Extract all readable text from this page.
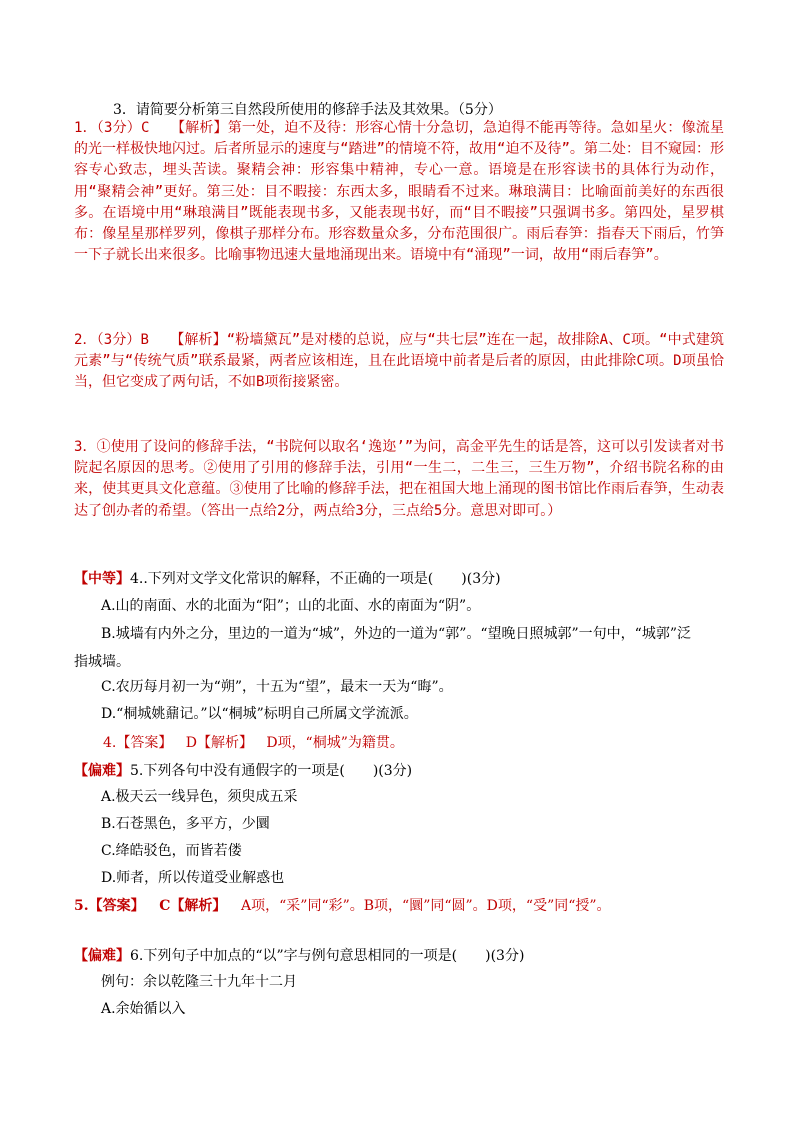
3．请简要分析第三自然段所使用的修辞手法及其效果。（5分）

1．（3分）C　　【解析】第一处，迫不及待：形容心情十分急切，急迫得不能再等待。急如星火：像流星的光一样极快地闪过。后者所显示的速度与“踏进”的情境不符，故用“迫不及待”。第二处：目不窥园：形容专心致志，埋头苦读。聚精会神：形容集中精神，专心一意。语境是在形容读书的具体行为动作，用“聚精会神”更好。第三处：目不暇接：东西太多，眼睛看不过来。琳琅满目：比喻面前美好的东西很多。在语境中用“琳琅满目”既能表现书多，又能表现书好，而“目不暇接”只强调书多。第四处，星罗棋布：像星星那样罗列，像棋子那样分布。形容数量众多，分布范围很广。雨后春笋：指春天下雨后，竹笋一下子就长出来很多。比喻事物迅速大量地涌现出来。语境中有“涌现”一词，故用“雨后春笋”。

2．（3分）B　　【解析】“粉墙黛瓦”是对楼的总说，应与“共七层”连在一起，故排除A、C项。“中式建筑元素”与“传统气质”联系最紧，两者应该相连，且在此语境中前者是后者的原因，由此排除C项。D项虽恰当，但它变成了两句话，不如B项衔接紧密。

3．①使用了设问的修辞手法，“书院何以取名‘逸迩’”为问，高金平先生的话是答，这可以引发读者对书院起名原因的思考。②使用了引用的修辞手法，引用“一生二，二生三，三生万物”，介绍书院名称的由来，使其更具文化意蕴。③使用了比喻的修辞手法，把在祖国大地上涌现的图书馆比作雨后春笋，生动表达了创办者的希望。（答出一点给2分，两点给3分，三点给5分。意思对即可。）

【中等】4..下列对文学文化常识的解释，不正确的一项是(　　)(3分)

A.山的南面、水的北面为“阳”；山的北面、水的南面为“阴”。

B.城墙有内外之分，里边的一道为“城”，外边的一道为“郭”。“望晚日照城郭”一句中，“城郭”泛指城墙。

C.农历每月初一为“朔”，十五为“望”，最末一天为“晦”。

D.“桐城姚鼐记。”以“桐城”标明自己所属文学流派。

4.【答案】 D【解析】 D项，“桐城”为籍贯。

【偏难】5.下列各句中没有通假字的一项是(　　)(3分)

A.极天云一线异色，须臾成五采

B.石苍黑色，多平方，少圜

C.绛皓驳色，而皆若偻

D.师者，所以传道受业解惑也

5.【答案】 C【解析】 A项，“采”同“彩”。B项，“圜”同“圆”。D项，“受”同“授”。

【偏难】6.下列句子中加点的“以”字与例句意思相同的一项是(　　)(3分)

例句：余以乾隆三十九年十二月

A.余始循以入
